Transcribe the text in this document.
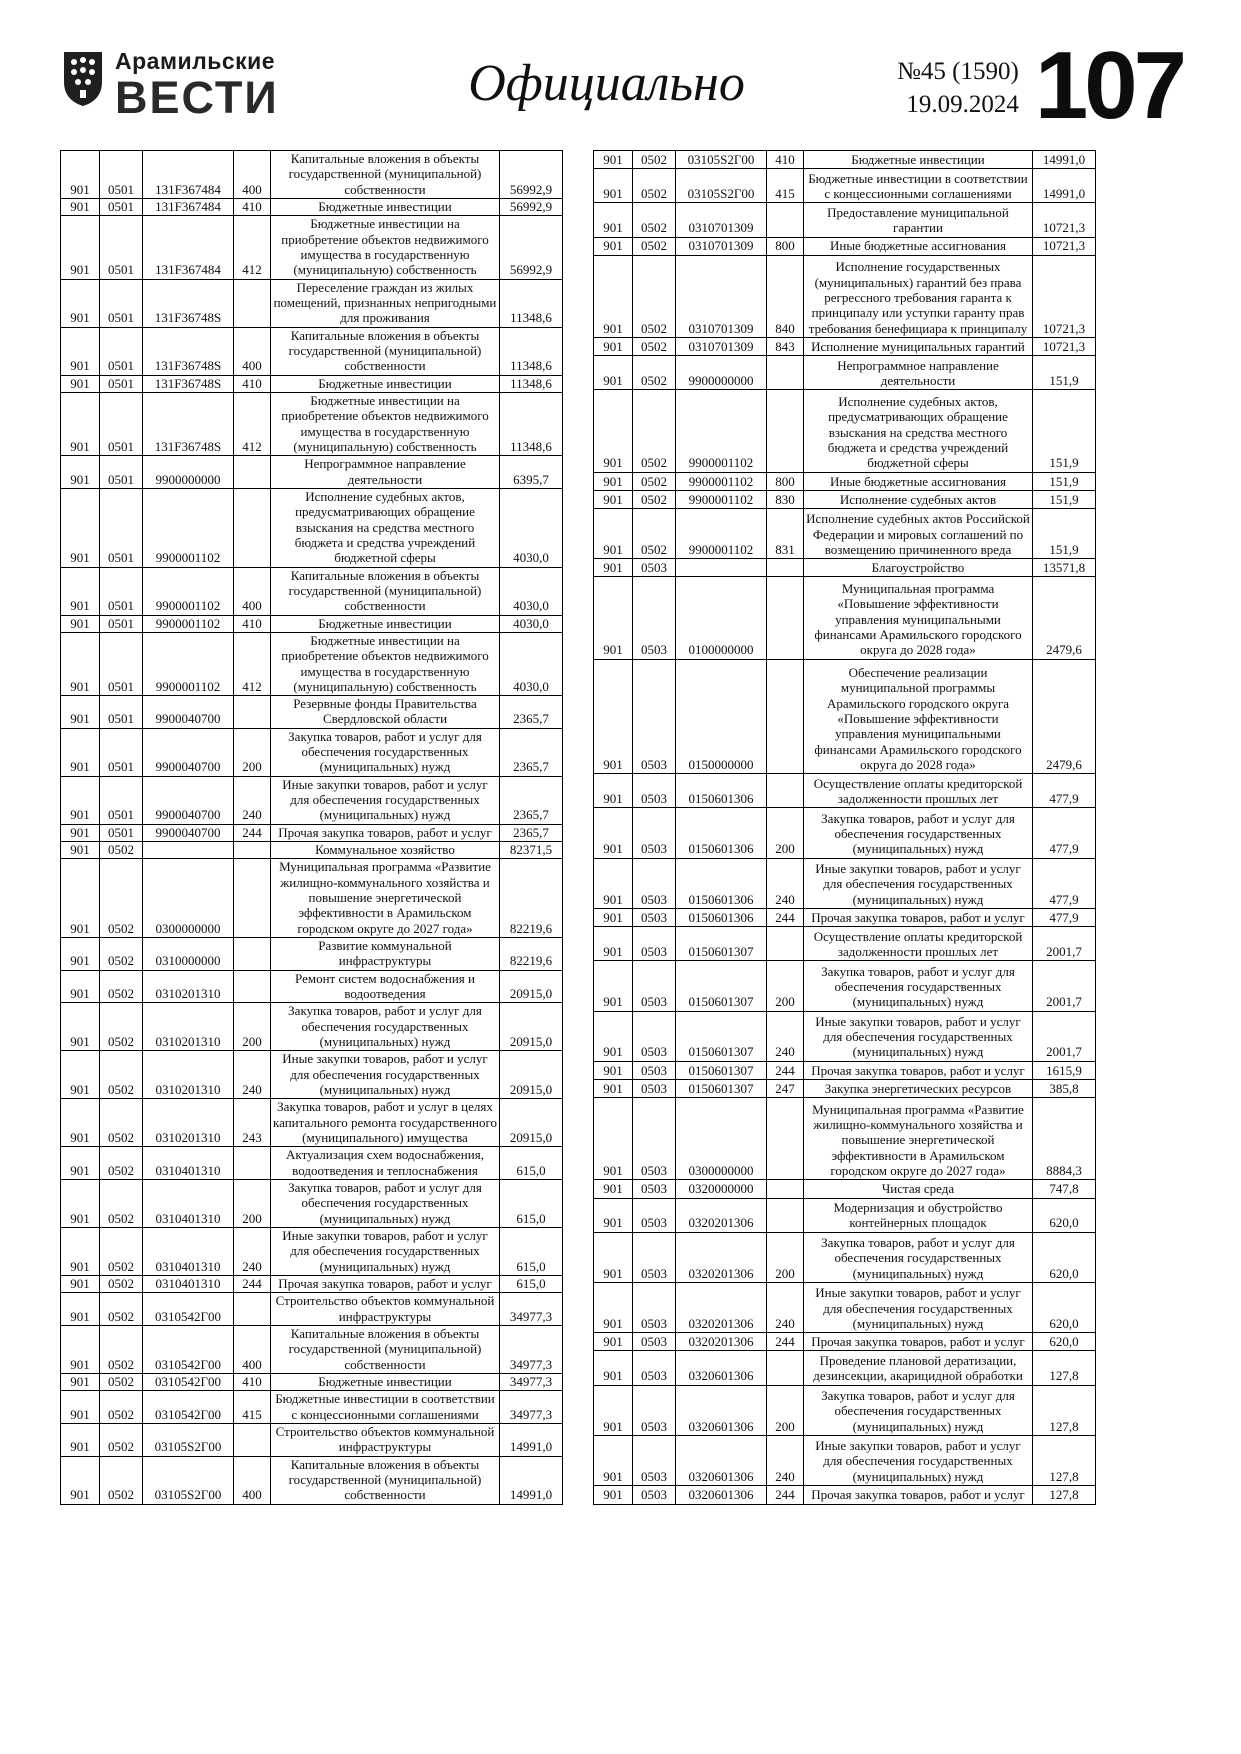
Арамильские
ВЕСТИ	Официально	№45 (1590)
19.09.2024 107
901	0501	131F367484	400	Капитальные вложения в объекты государственной (муниципальной) собственности	56992,9
901	0501	131F367484	410	Бюджетные инвестиции	56992,9
901	0501	131F367484	412	Бюджетные инвестиции на приобретение объектов недвижимого имущества в государственную (муниципальную) собственность	56992,9
901	0501	131F36748S		Переселение граждан из жилых помещений, признанных непригодными для проживания	11348,6
901	0501	131F36748S	400	Капитальные вложения в объекты государственной (муниципальной) собственности	11348,6
901	0501	131F36748S	410	Бюджетные инвестиции	11348,6
901	0501	131F36748S	412	Бюджетные инвестиции на приобретение объектов недвижимого имущества в государственную (муниципальную) собственность	11348,6
901	0501	9900000000		Непрограммное направление деятельности	6395,7
901	0501	9900001102		Исполнение судебных актов, предусматривающих обращение взыскания на средства местного бюджета и средства учреждений бюджетной сферы	4030,0
901	0501	9900001102	400	Капитальные вложения в объекты государственной (муниципальной) собственности	4030,0
901	0501	9900001102	410	Бюджетные инвестиции	4030,0
901	0501	9900001102	412	Бюджетные инвестиции на приобретение объектов недвижимого имущества в государственную (муниципальную) собственность	4030,0
901	0501	9900040700		Резервные фонды Правительства Свердловской области	2365,7
901	0501	9900040700	200	Закупка товаров, работ и услуг для обеспечения государственных (муниципальных) нужд	2365,7
901	0501	9900040700	240	Иные закупки товаров, работ и услуг для обеспечения государственных (муниципальных) нужд	2365,7
901	0501	9900040700	244	Прочая закупка товаров, работ и услуг	2365,7
901	0502			Коммунальное хозяйство	82371,5
901	0502	0300000000		Муниципальная программа «Развитие жилищно-коммунального хозяйства и повышение энергетической эффективности в Арамильском городском округе до 2027 года»	82219,6
901	0502	0310000000		Развитие коммунальной инфраструктуры	82219,6
901	0502	0310201310		Ремонт систем водоснабжения и водоотведения	20915,0
901	0502	0310201310	200	Закупка товаров, работ и услуг для обеспечения государственных (муниципальных) нужд	20915,0
901	0502	0310201310	240	Иные закупки товаров, работ и услуг для обеспечения государственных (муниципальных) нужд	20915,0
901	0502	0310201310	243	Закупка товаров, работ и услуг в целях капитального ремонта государственного (муниципального) имущества	20915,0
901	0502	0310401310		Актуализация схем водоснабжения, водоотведения и теплоснабжения	615,0
901	0502	0310401310	200	Закупка товаров, работ и услуг для обеспечения государственных (муниципальных) нужд	615,0
901	0502	0310401310	240	Иные закупки товаров, работ и услуг для обеспечения государственных (муниципальных) нужд	615,0
901	0502	0310401310	244	Прочая закупка товаров, работ и услуг	615,0
901	0502	0310542Г00		Строительство объектов коммунальной инфраструктуры	34977,3
901	0502	0310542Г00	400	Капитальные вложения в объекты государственной (муниципальной) собственности	34977,3
901	0502	0310542Г00	410	Бюджетные инвестиции	34977,3
901	0502	0310542Г00	415	Бюджетные инвестиции в соответствии с концессионными соглашениями	34977,3
901	0502	03105S2Г00		Строительство объектов коммунальной инфраструктуры	14991,0
901	0502	03105S2Г00	400	Капитальные вложения в объекты государственной (муниципальной) собственности	14991,0
901	0502	03105S2Г00	410	Бюджетные инвестиции	14991,0
901	0502	03105S2Г00	415	Бюджетные инвестиции в соответствии с концессионными соглашениями	14991,0
901	0502	0310701309		Предоставление муниципальной гарантии	10721,3
901	0502	0310701309	800	Иные бюджетные ассигнования	10721,3
901	0502	0310701309	840	Исполнение государственных (муниципальных) гарантий без права регрессного требования гаранта к принципалу или уступки гаранту прав требования бенефициара к принципалу	10721,3
901	0502	0310701309	843	Исполнение муниципальных гарантий	10721,3
901	0502	9900000000		Непрограммное направление деятельности	151,9
901	0502	9900001102		Исполнение судебных актов, предусматривающих обращение взыскания на средства местного бюджета и средства учреждений бюджетной сферы	151,9
901	0502	9900001102	800	Иные бюджетные ассигнования	151,9
901	0502	9900001102	830	Исполнение судебных актов	151,9
901	0502	9900001102	831	Исполнение судебных актов Российской Федерации и мировых соглашений по возмещению причиненного вреда	151,9
901	0503			Благоустройство	13571,8
901	0503	0100000000		Муниципальная программа «Повышение эффективности управления муниципальными финансами Арамильского городского округа до 2028 года»	2479,6
901	0503	0150000000		Обеспечение реализации муниципальной программы Арамильского городского округа «Повышение эффективности управления муниципальными финансами Арамильского городского округа до 2028 года»	2479,6
901	0503	0150601306		Осуществление оплаты кредиторской задолженности прошлых лет	477,9
901	0503	0150601306	200	Закупка товаров, работ и услуг для обеспечения государственных (муниципальных) нужд	477,9
901	0503	0150601306	240	Иные закупки товаров, работ и услуг для обеспечения государственных (муниципальных) нужд	477,9
901	0503	0150601306	244	Прочая закупка товаров, работ и услуг	477,9
901	0503	0150601307		Осуществление оплаты кредиторской задолженности прошлых лет	2001,7
901	0503	0150601307	200	Закупка товаров, работ и услуг для обеспечения государственных (муниципальных) нужд	2001,7
901	0503	0150601307	240	Иные закупки товаров, работ и услуг для обеспечения государственных (муниципальных) нужд	2001,7
901	0503	0150601307	244	Прочая закупка товаров, работ и услуг	1615,9
901	0503	0150601307	247	Закупка энергетических ресурсов	385,8
901	0503	0300000000		Муниципальная программа «Развитие жилищно-коммунального хозяйства и повышение энергетической эффективности в Арамильском городском округе до 2027 года»	8884,3
901	0503	0320000000		Чистая среда	747,8
901	0503	0320201306		Модернизация и обустройство контейнерных площадок	620,0
901	0503	0320201306	200	Закупка товаров, работ и услуг для обеспечения государственных (муниципальных) нужд	620,0
901	0503	0320201306	240	Иные закупки товаров, работ и услуг для обеспечения государственных (муниципальных) нужд	620,0
901	0503	0320201306	244	Прочая закупка товаров, работ и услуг	620,0
901	0503	0320601306		Проведение плановой дератизации, дезинсекции, акарицидной обработки	127,8
901	0503	0320601306	200	Закупка товаров, работ и услуг для обеспечения государственных (муниципальных) нужд	127,8
901	0503	0320601306	240	Иные закупки товаров, работ и услуг для обеспечения государственных (муниципальных) нужд	127,8
901	0503	0320601306	244	Прочая закупка товаров, работ и услуг	127,8
